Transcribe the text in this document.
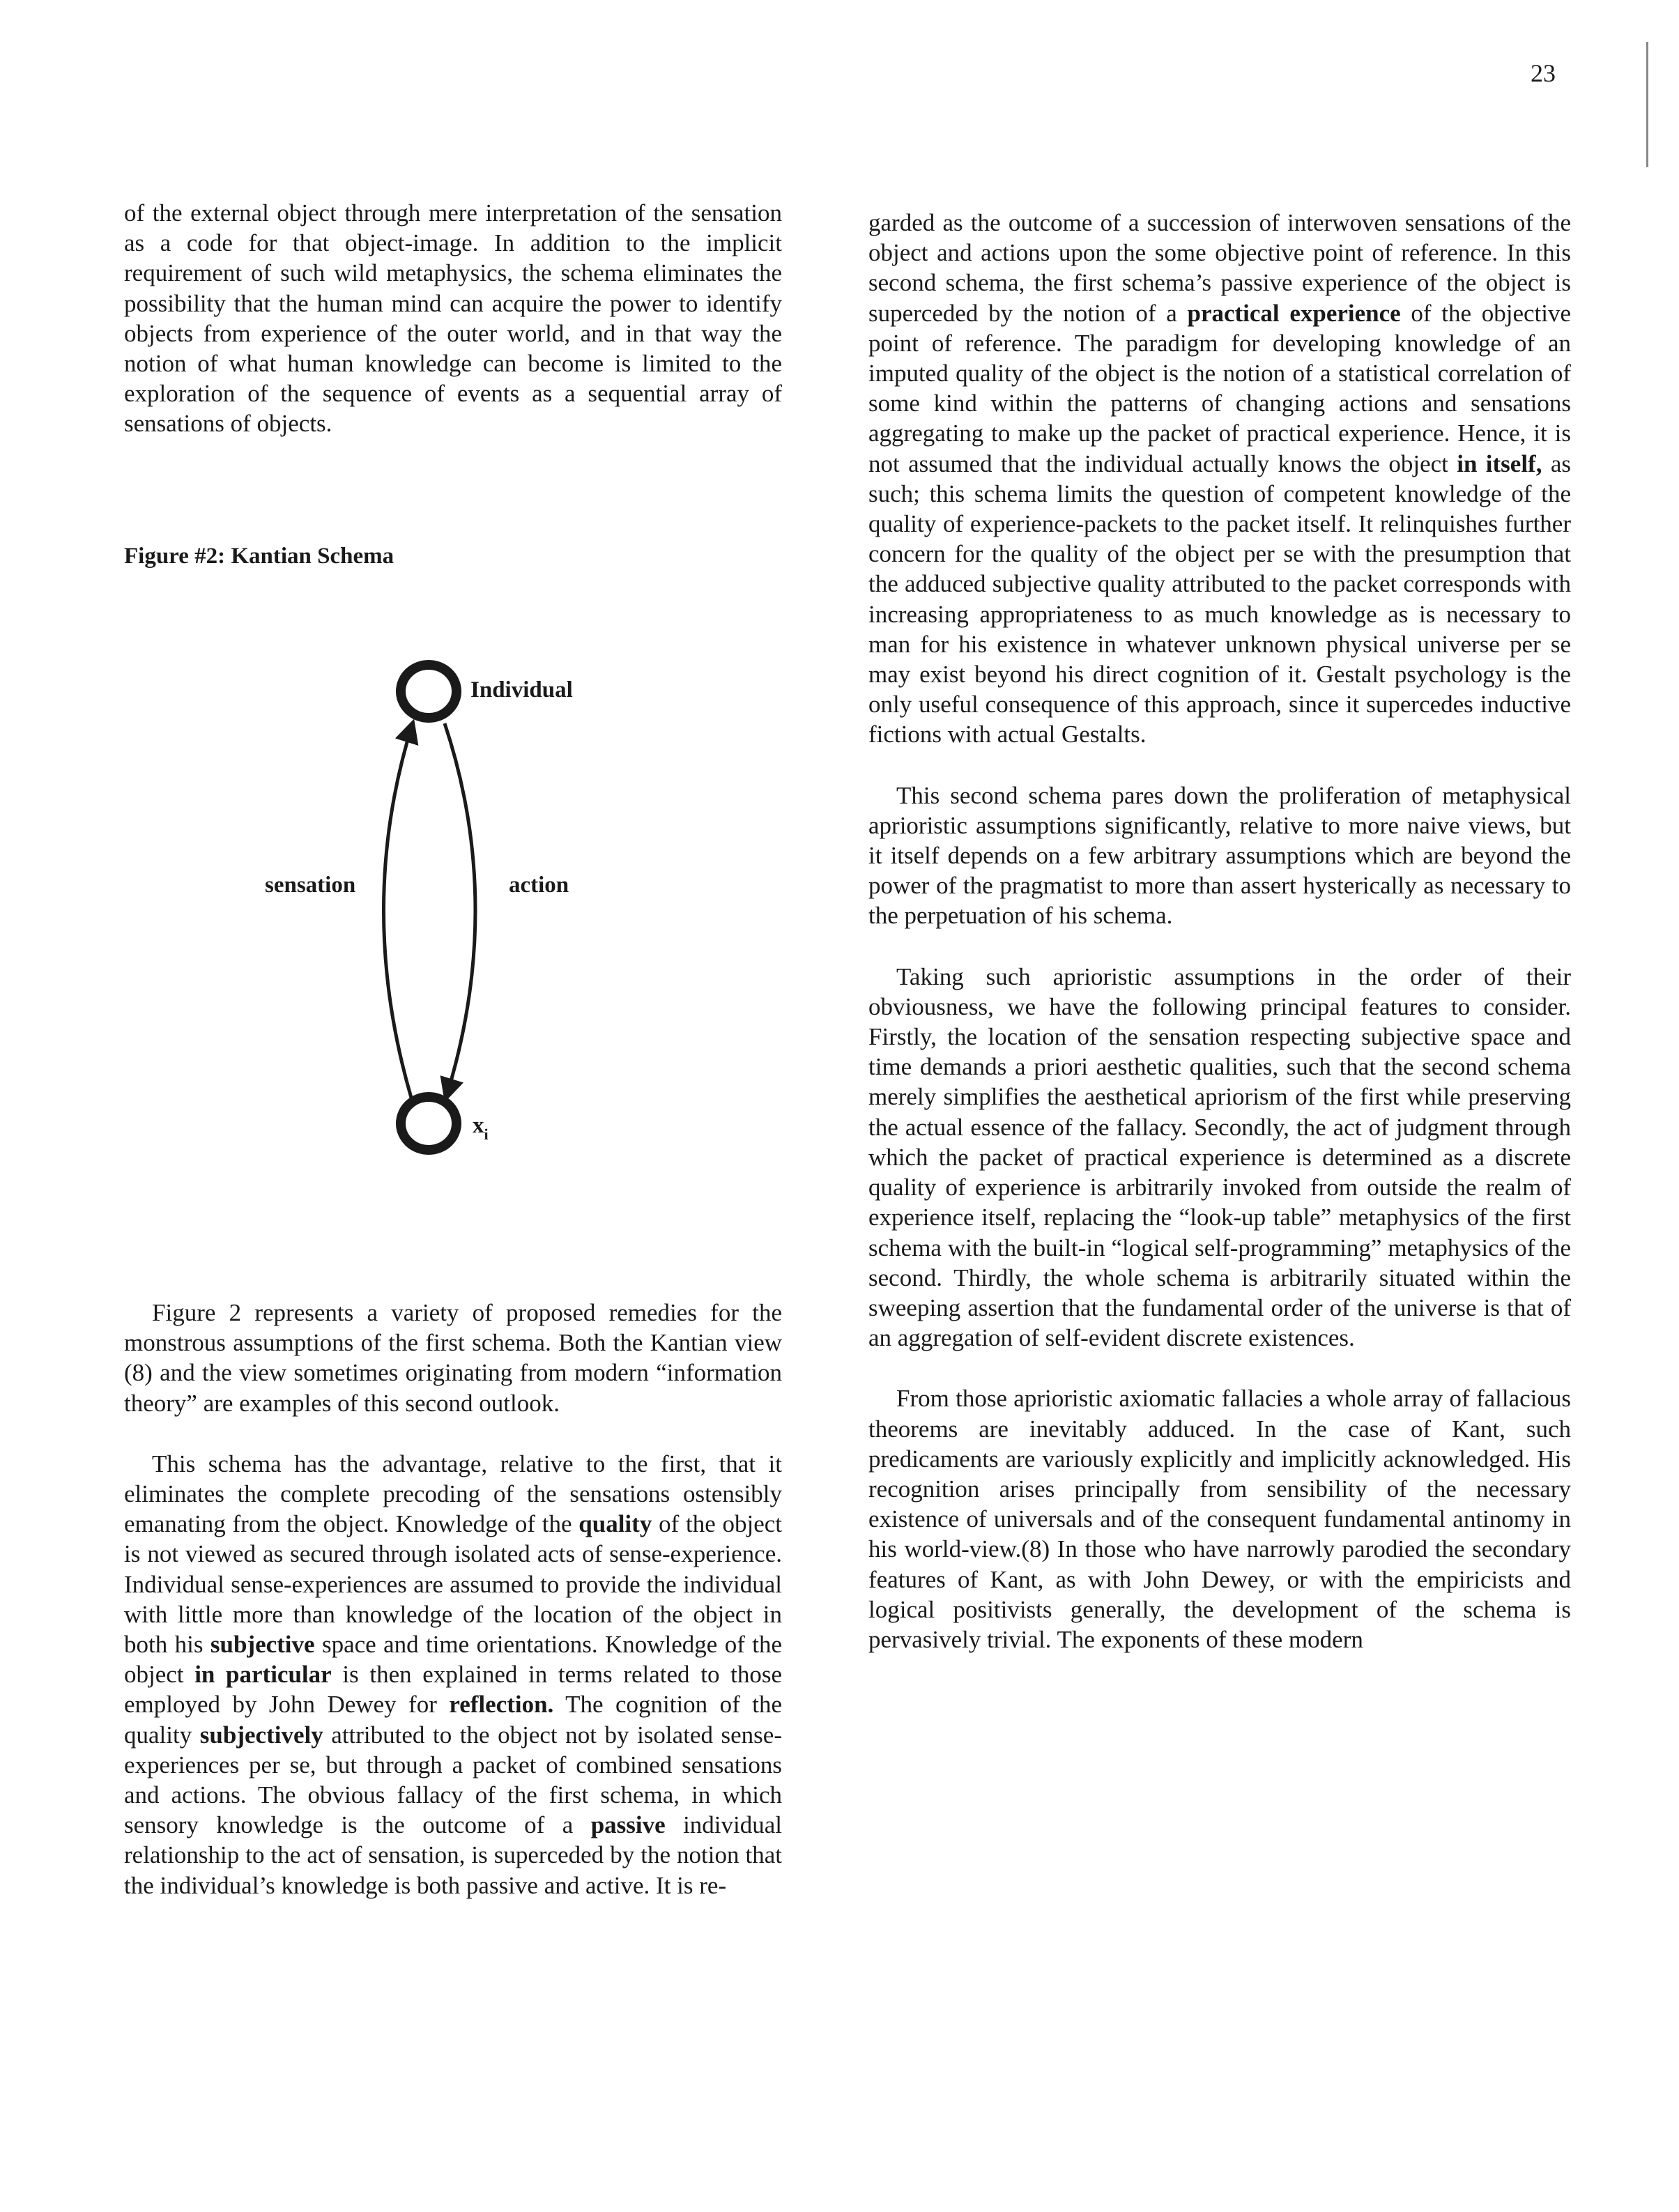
23

of the external object through mere interpretation of the sensation as a code for that object-image. In addition to the implicit requirement of such wild metaphysics, the schema eliminates the possibility that the human mind can acquire the power to identify objects from experience of the outer world, and in that way the notion of what human knowledge can become is limited to the exploration of the sequence of events as a sequential array of sensations of objects.

Figure #2: Kantian Schema
Individual
sensation	action
$x_i$

Figure 2 represents a variety of proposed remedies for the monstrous assumptions of the first schema. Both the Kantian view (8) and the view sometimes originating from modern “information theory” are examples of this second outlook.

This schema has the advantage, relative to the first, that it eliminates the complete precoding of the sensations ostensibly emanating from the object. Knowledge of the quality of the object is not viewed as secured through isolated acts of sense-experience. Individual sense-experiences are assumed to provide the individual with little more than knowledge of the location of the object in both his subjective space and time orientations. Knowledge of the object in particular is then explained in terms related to those employed by John Dewey for reflection. The cognition of the quality subjectively attributed to the object not by isolated sense-experiences per se, but through a packet of combined sensations and actions. The obvious fallacy of the first schema, in which sensory knowledge is the outcome of a passive individual relationship to the act of sensation, is superceded by the notion that the individual’s knowledge is both passive and active. It is re-

garded as the outcome of a succession of interwoven sensations of the object and actions upon the some objective point of reference. In this second schema, the first schema’s passive experience of the object is superceded by the notion of a practical experience of the objective point of reference. The paradigm for developing knowledge of an imputed quality of the object is the notion of a statistical correlation of some kind within the patterns of changing actions and sensations aggregating to make up the packet of practical experience. Hence, it is not assumed that the individual actually knows the object in itself, as such; this schema limits the question of competent knowledge of the quality of experience-packets to the packet itself. It relinquishes further concern for the quality of the object per se with the presumption that the adduced subjective quality attributed to the packet corresponds with increasing appropriateness to as much knowledge as is necessary to man for his existence in whatever unknown physical universe per se may exist beyond his direct cognition of it. Gestalt psychology is the only useful consequence of this approach, since it supercedes inductive fictions with actual Gestalts.

This second schema pares down the proliferation of metaphysical aprioristic assumptions significantly, relative to more naive views, but it itself depends on a few arbitrary assumptions which are beyond the power of the pragmatist to more than assert hysterically as necessary to the perpetuation of his schema.

Taking such aprioristic assumptions in the order of their obviousness, we have the following principal features to consider. Firstly, the location of the sensation respecting subjective space and time demands a priori aesthetic qualities, such that the second schema merely simplifies the aesthetical apriorism of the first while preserving the actual essence of the fallacy. Secondly, the act of judgment through which the packet of practical experience is determined as a discrete quality of experience is arbitrarily invoked from outside the realm of experience itself, replacing the “look-up table” metaphysics of the first schema with the built-in “logical self-programming” metaphysics of the second. Thirdly, the whole schema is arbitrarily situated within the sweeping assertion that the fundamental order of the universe is that of an aggregation of self-evident discrete existences.

From those aprioristic axiomatic fallacies a whole array of fallacious theorems are inevitably adduced. In the case of Kant, such predicaments are variously explicitly and implicitly acknowledged. His recognition arises principally from sensibility of the necessary existence of universals and of the consequent fundamental antinomy in his world-view.(8) In those who have narrowly parodied the secondary features of Kant, as with John Dewey, or with the empiricists and logical positivists generally, the development of the schema is pervasively trivial. The exponents of these modern
